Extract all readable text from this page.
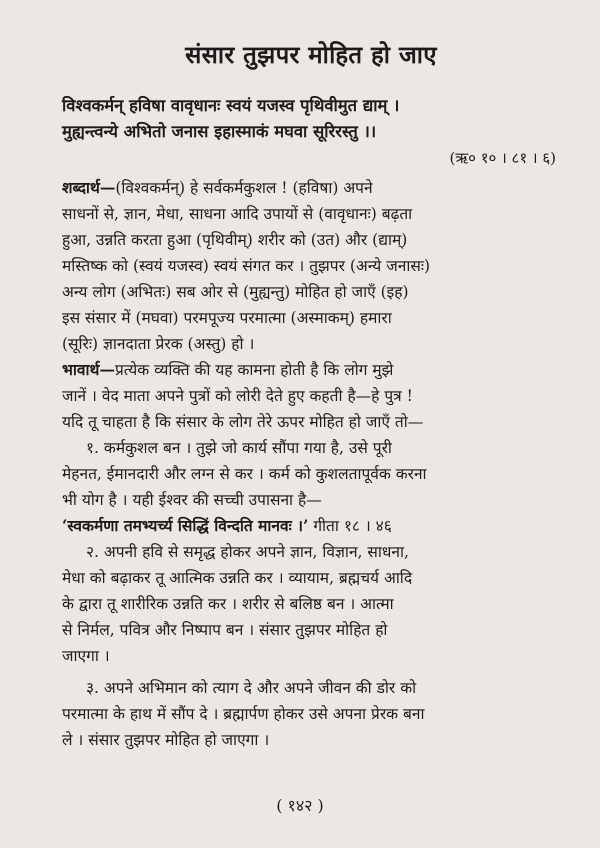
संसार तुझपर मोहित हो जाए

विश्वकर्मन् हविषा वावृधानः स्वयं यजस्व पृथिवीमुत द्याम् ।
मुह्यन्त्वन्ये अभितो जनास इहास्माकं मघवा सूरिरस्तु ।।

(ऋ० १० । ८१ । ६)

शब्दार्थ—(विश्वकर्मन्) हे सर्वकर्मकुशल ! (हविषा) अपने
साधनों से, ज्ञान, मेधा, साधना आदि उपायों से (वावृधानः) बढ़ता
हुआ, उन्नति करता हुआ (पृथिवीम्) शरीर को (उत) और (द्याम्)
मस्तिष्क को (स्वयं यजस्व) स्वयं संगत कर । तुझपर (अन्ये जनासः)
अन्य लोग (अभितः) सब ओर से (मुह्यन्तु) मोहित हो जाएँ (इह)
इस संसार में (मघवा) परमपूज्य परमात्मा (अस्माकम्) हमारा
(सूरिः) ज्ञानदाता प्रेरक (अस्तु) हो ।

भावार्थ—प्रत्येक व्यक्ति की यह कामना होती है कि लोग मुझे
जानें । वेद माता अपने पुत्रों को लोरी देते हुए कहती है—हे पुत्र !
यदि तू चाहता है कि संसार के लोग तेरे ऊपर मोहित हो जाएँ तो—

१. कर्मकुशल बन । तुझे जो कार्य सौंपा गया है, उसे पूरी
मेहनत, ईमानदारी और लग्न से कर । कर्म को कुशलतापूर्वक करना
भी योग है । यही ईश्वर की सच्ची उपासना है—

‘स्वकर्मणा तमभ्यर्च्य सिद्धिं विन्दति मानवः ।’ गीता १८ । ४६

२. अपनी हवि से समृद्ध होकर अपने ज्ञान, विज्ञान, साधना,
मेधा को बढ़ाकर तू आत्मिक उन्नति कर । व्यायाम, ब्रह्मचर्य आदि
के द्वारा तू शारीरिक उन्नति कर । शरीर से बलिष्ठ बन । आत्मा
से निर्मल, पवित्र और निष्पाप बन । संसार तुझपर मोहित हो
जाएगा ।

३. अपने अभिमान को त्याग दे और अपने जीवन की डोर को
परमात्मा के हाथ में सौंप दे । ब्रह्मार्पण होकर उसे अपना प्रेरक बना
ले । संसार तुझपर मोहित हो जाएगा ।

( १४२ )
